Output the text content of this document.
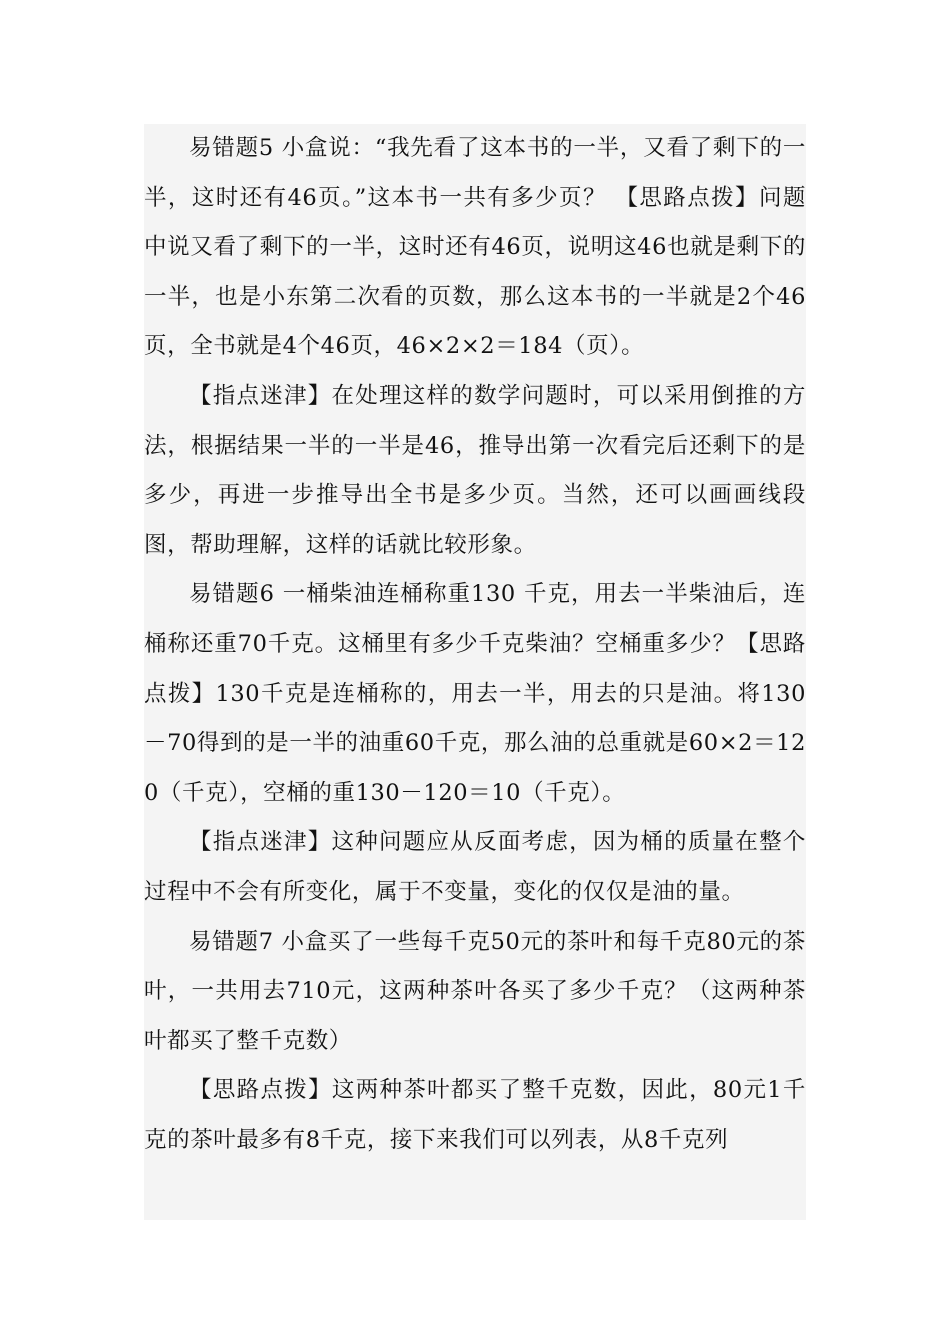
易错题5 小盒说：“我先看了这本书的一半，又看了剩下的一半，这时还有46页。”这本书一共有多少页？ 【思路点拨】问题中说又看了剩下的一半，这时还有46页，说明这46也就是剩下的一半，也是小东第二次看的页数，那么这本书的一半就是2个46页，全书就是4个46页，46×2×2＝184（页）。

【指点迷津】在处理这样的数学问题时，可以采用倒推的方法，根据结果一半的一半是46，推导出第一次看完后还剩下的是多少，再进一步推导出全书是多少页。当然，还可以画画线段图，帮助理解，这样的话就比较形象。

易错题6 一桶柴油连桶称重130 千克，用去一半柴油后，连桶称还重70千克。这桶里有多少千克柴油？空桶重多少？【思路点拨】130千克是连桶称的，用去一半，用去的只是油。将130－70得到的是一半的油重60千克，那么油的总重就是60×2＝120（千克），空桶的重130－120＝10（千克）。

【指点迷津】这种问题应从反面考虑，因为桶的质量在整个过程中不会有所变化，属于不变量，变化的仅仅是油的量。

易错题7 小盒买了一些每千克50元的茶叶和每千克80元的茶叶，一共用去710元，这两种茶叶各买了多少千克？（这两种茶叶都买了整千克数）

【思路点拨】这两种茶叶都买了整千克数，因此，80元1千克的茶叶最多有8千克，接下来我们可以列表，从8千克列
